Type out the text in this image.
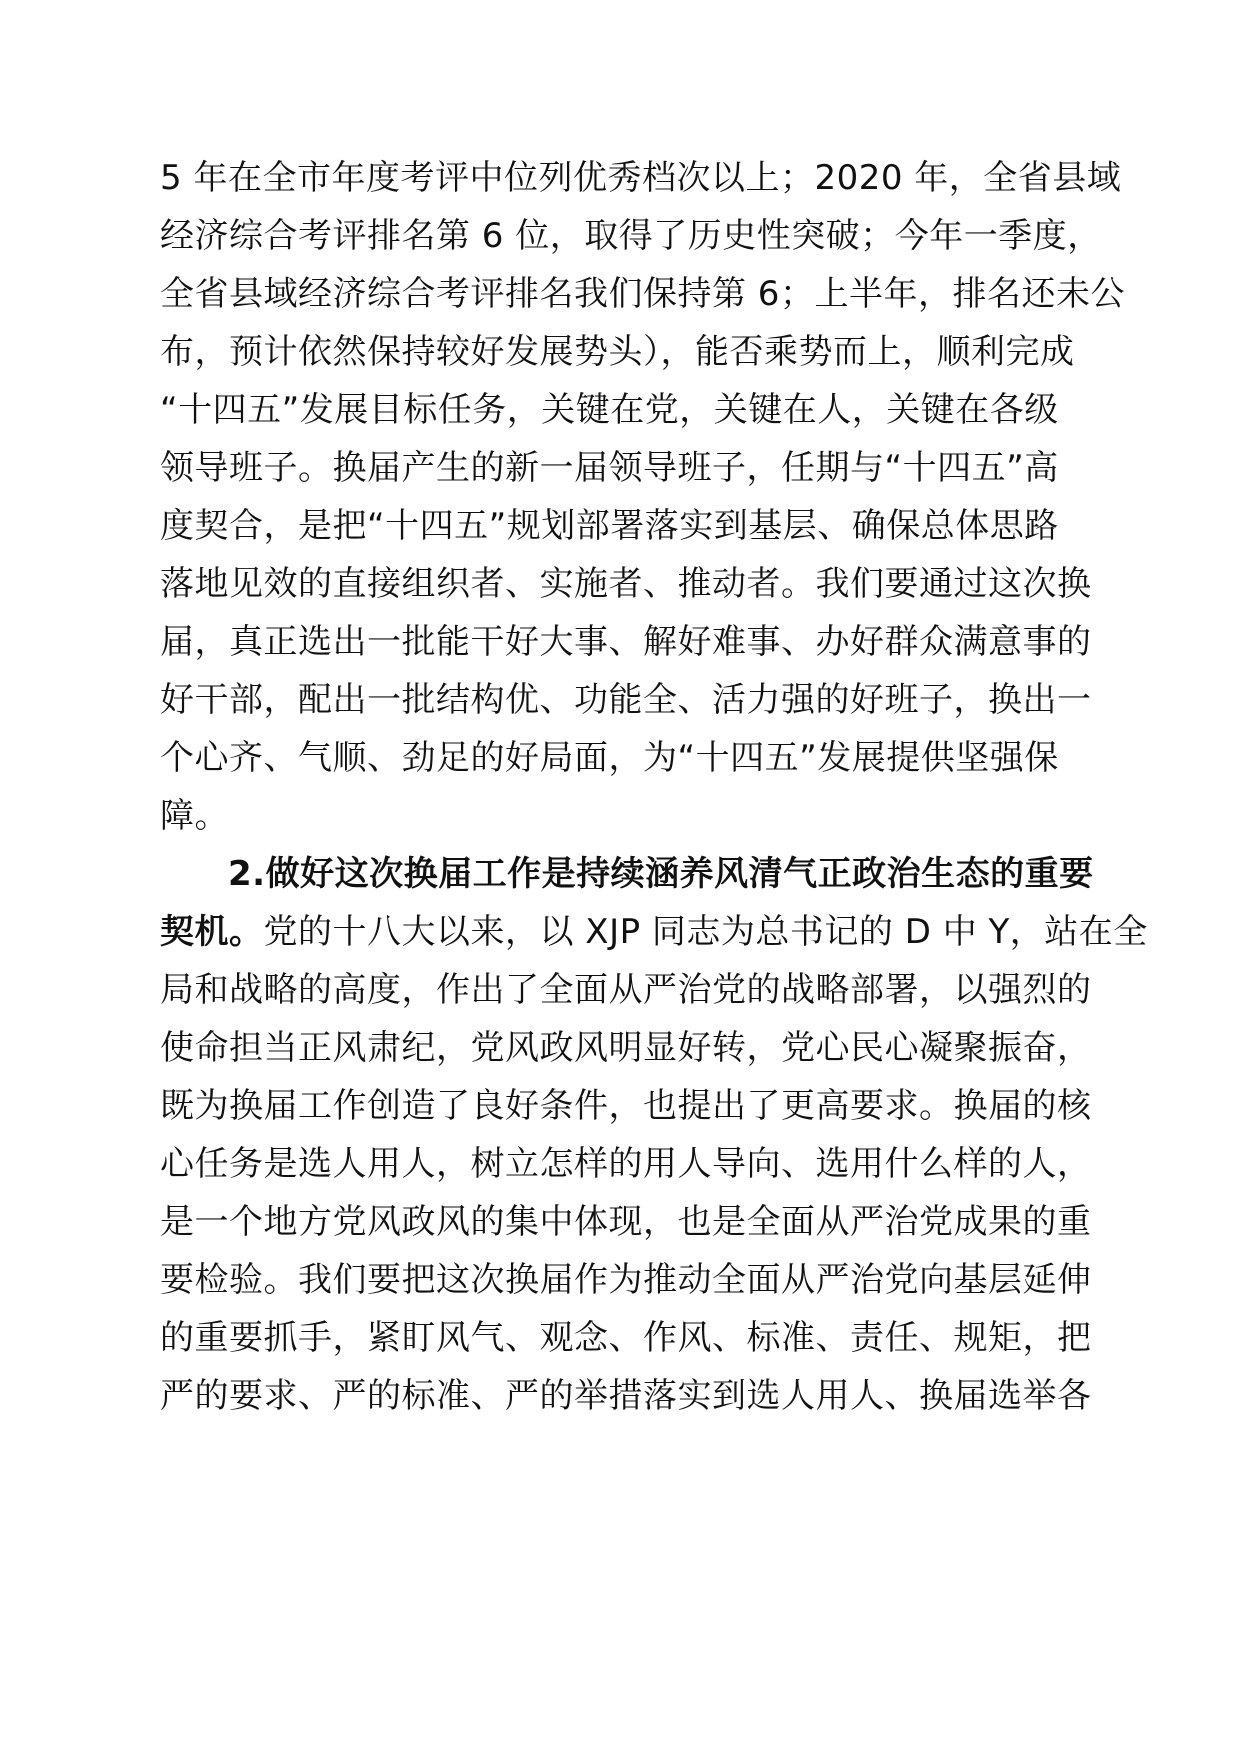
5 年在全市年度考评中位列优秀档次以上；2020 年，全省县域
经济综合考评排名第 6 位，取得了历史性突破；今年一季度，
全省县域经济综合考评排名我们保持第 6；上半年，排名还未公
布，预计依然保持较好发展势头），能否乘势而上，顺利完成
“十四五”发展目标任务，关键在党，关键在人，关键在各级
领导班子。换届产生的新一届领导班子，任期与“十四五”高
度契合，是把“十四五”规划部署落实到基层、确保总体思路
落地见效的直接组织者、实施者、推动者。我们要通过这次换
届，真正选出一批能干好大事、解好难事、办好群众满意事的
好干部，配出一批结构优、功能全、活力强的好班子，换出一
个心齐、气顺、劲足的好局面，为“十四五”发展提供坚强保
障。
2.做好这次换届工作是持续涵养风清气正政治生态的重要
契机。党的十八大以来，以 XJP 同志为总书记的 D 中 Y，站在全
局和战略的高度，作出了全面从严治党的战略部署，以强烈的
使命担当正风肃纪，党风政风明显好转，党心民心凝聚振奋，
既为换届工作创造了良好条件，也提出了更高要求。换届的核
心任务是选人用人，树立怎样的用人导向、选用什么样的人，
是一个地方党风政风的集中体现，也是全面从严治党成果的重
要检验。我们要把这次换届作为推动全面从严治党向基层延伸
的重要抓手，紧盯风气、观念、作风、标准、责任、规矩，把
严的要求、严的标准、严的举措落实到选人用人、换届选举各
